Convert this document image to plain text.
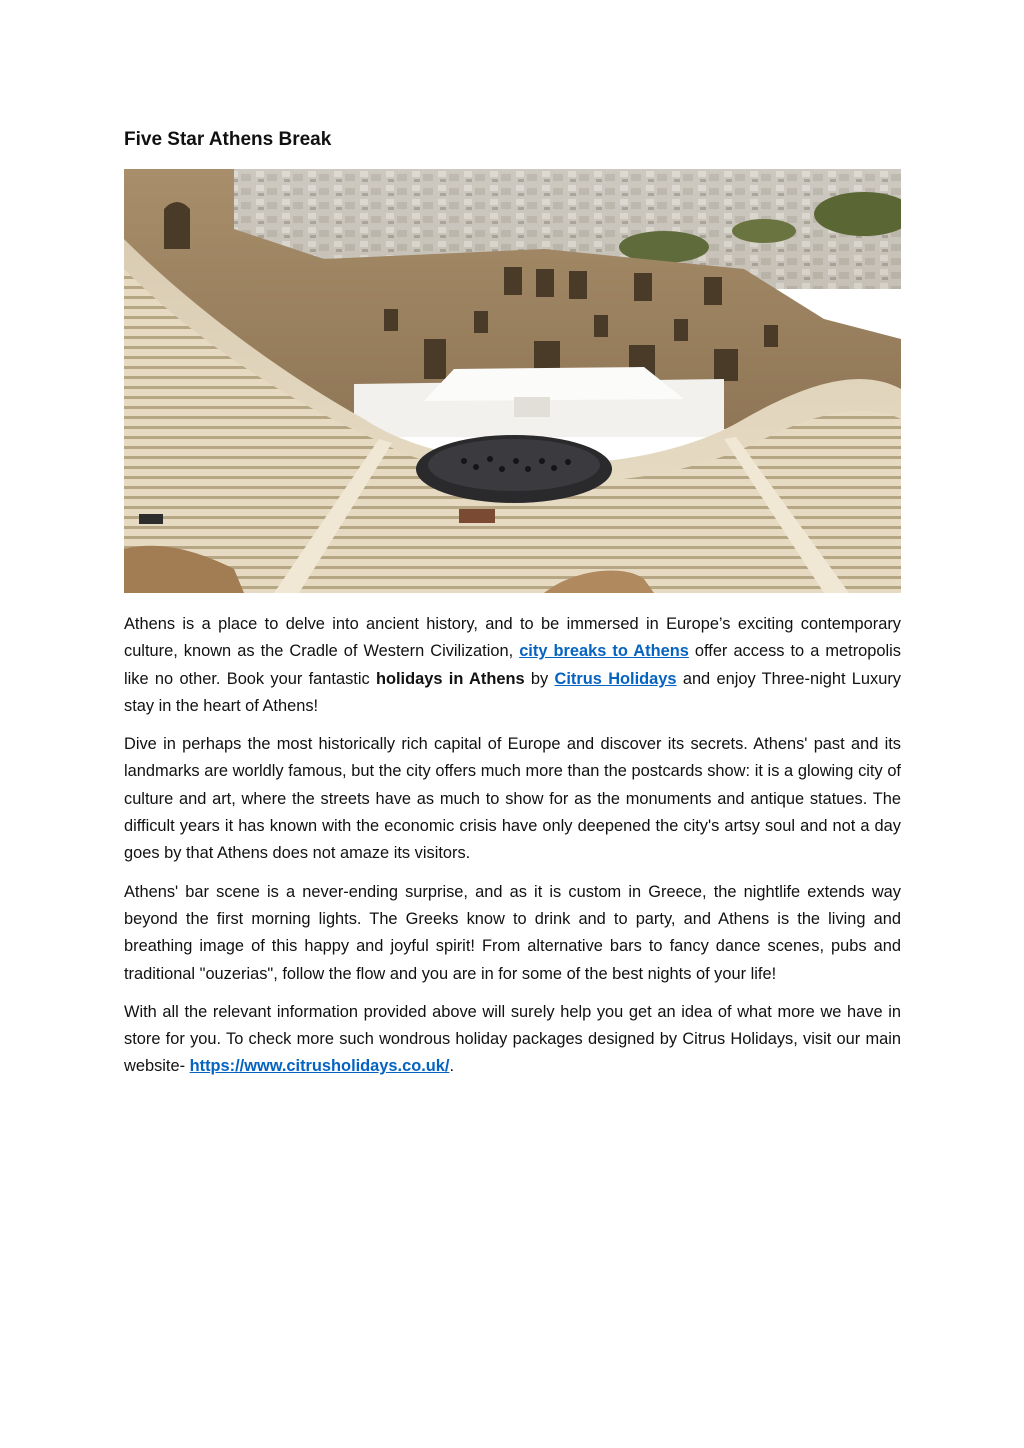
Five Star Athens Break

Athens is a place to delve into ancient history, and to be immersed in Europe’s exciting contemporary culture, known as the Cradle of Western Civilization, city breaks to Athens offer access to a metropolis like no other. Book your fantastic holidays in Athens by Citrus Holidays and enjoy Three-night Luxury stay in the heart of Athens!

Dive in perhaps the most historically rich capital of Europe and discover its secrets. Athens' past and its landmarks are worldly famous, but the city offers much more than the postcards show: it is a glowing city of culture and art, where the streets have as much to show for as the monuments and antique statues. The difficult years it has known with the economic crisis have only deepened the city's artsy soul and not a day goes by that Athens does not amaze its visitors.

Athens' bar scene is a never-ending surprise, and as it is custom in Greece, the nightlife extends way beyond the first morning lights. The Greeks know to drink and to party, and Athens is the living and breathing image of this happy and joyful spirit! From alternative bars to fancy dance scenes, pubs and traditional "ouzerias", follow the flow and you are in for some of the best nights of your life!

With all the relevant information provided above will surely help you get an idea of what more we have in store for you. To check more such wondrous holiday packages designed by Citrus Holidays, visit our main website- https://www.citrusholidays.co.uk/.
